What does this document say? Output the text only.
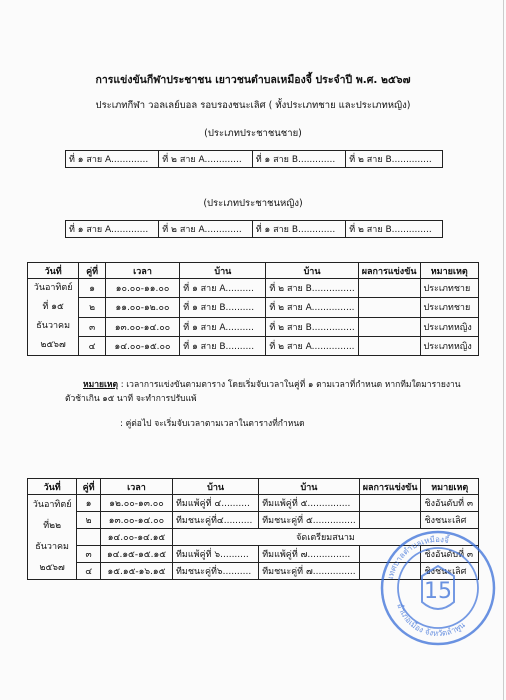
การแข่งขันกีฬาประชาชน เยาวชนตำบลเหมืองจี้ ประจำปี พ.ศ. ๒๕๖๗
ประเภทกีฬา วอลเลย์บอล รอบรองชนะเลิศ ( ทั้งประเภทชาย และประเภทหญิง)
(ประเภทประชาชนชาย)
ที่ ๑ สาย A.............	ที่ ๒ สาย A.............	ที่ ๑ สาย B.............	ที่ ๒ สาย B..............
(ประเภทประชาชนหญิง)
ที่ ๑ สาย A.............	ที่ ๒ สาย A.............	ที่ ๑ สาย B.............	ที่ ๒ สาย B..............
วันที่	คู่ที่	เวลา	บ้าน	บ้าน	ผลการแข่งขัน	หมายเหตุ

วันอาทิตย์
ที่ ๑๕
ธันวาคม
๒๕๖๗	๑	๑๐.๐๐-๑๑.๐๐	ที่ ๑ สาย A..........	ที่ ๒ สาย B...............		ประเภทชาย
	๒	๑๑.๐๐-๑๒.๐๐	ที่ ๑ สาย B..........	ที่ ๒ สาย A...............		ประเภทชาย
	๓	๑๓.๐๐-๑๔.๐๐	ที่ ๑ สาย A..........	ที่ ๒ สาย B...............		ประเภทหญิง
	๔	๑๔.๐๐-๑๕.๐๐	ที่ ๑ สาย B..........	ที่ ๒ สาย A...............		ประเภทหญิง
หมายเหตุ : เวลาการแข่งขันตามตาราง โดยเริ่มจับเวลาในคู่ที่ ๑ ตามเวลาที่กำหนด หากทีมใดมารายงาน
ตัวช้าเกิน ๑๕ นาที จะทำการปรับแพ้
: คู่ต่อไป จะเริ่มจับเวลาตามเวลาในตารางที่กำหนด
วันที่	คู่ที่	เวลา	บ้าน	บ้าน	ผลการแข่งขัน	หมายเหตุ

วันอาทิตย์
ที่๒๒
ธันวาคม
๒๕๖๗	๑	๑๒.๐๐-๑๓.๐๐	ทีมแพ้คู่ที่ ๔..........	ทีมแพ้คู่ที่ ๕...............		ชิงอันดับที่ ๓
	๒	๑๓.๐๐-๑๔.๐๐	ทีมชนะคู่ที่๔..........	ทีมชนะคู่ที่ ๕...............		ชิงชนะเลิศ
		๑๔.๐๐-๑๔.๑๕	จัดเตรียมสนาม			
	๓	๑๔.๑๕-๑๕.๑๕	ทีมแพ้คู่ที่ ๖..........	ทีมแพ้คู่ที่ ๗...............		ชิงอันดับที่ ๓
	๔	๑๕.๑๕-๑๖.๑๕	ทีมชนะคู่ที่๖..........	ทีมชนะคู่ที่ ๗...............		ชิงชนะเลิศ
15
เทศบาลตำบลเหมืองจี้
อำเภอเมือง จังหวัดลำพูน
